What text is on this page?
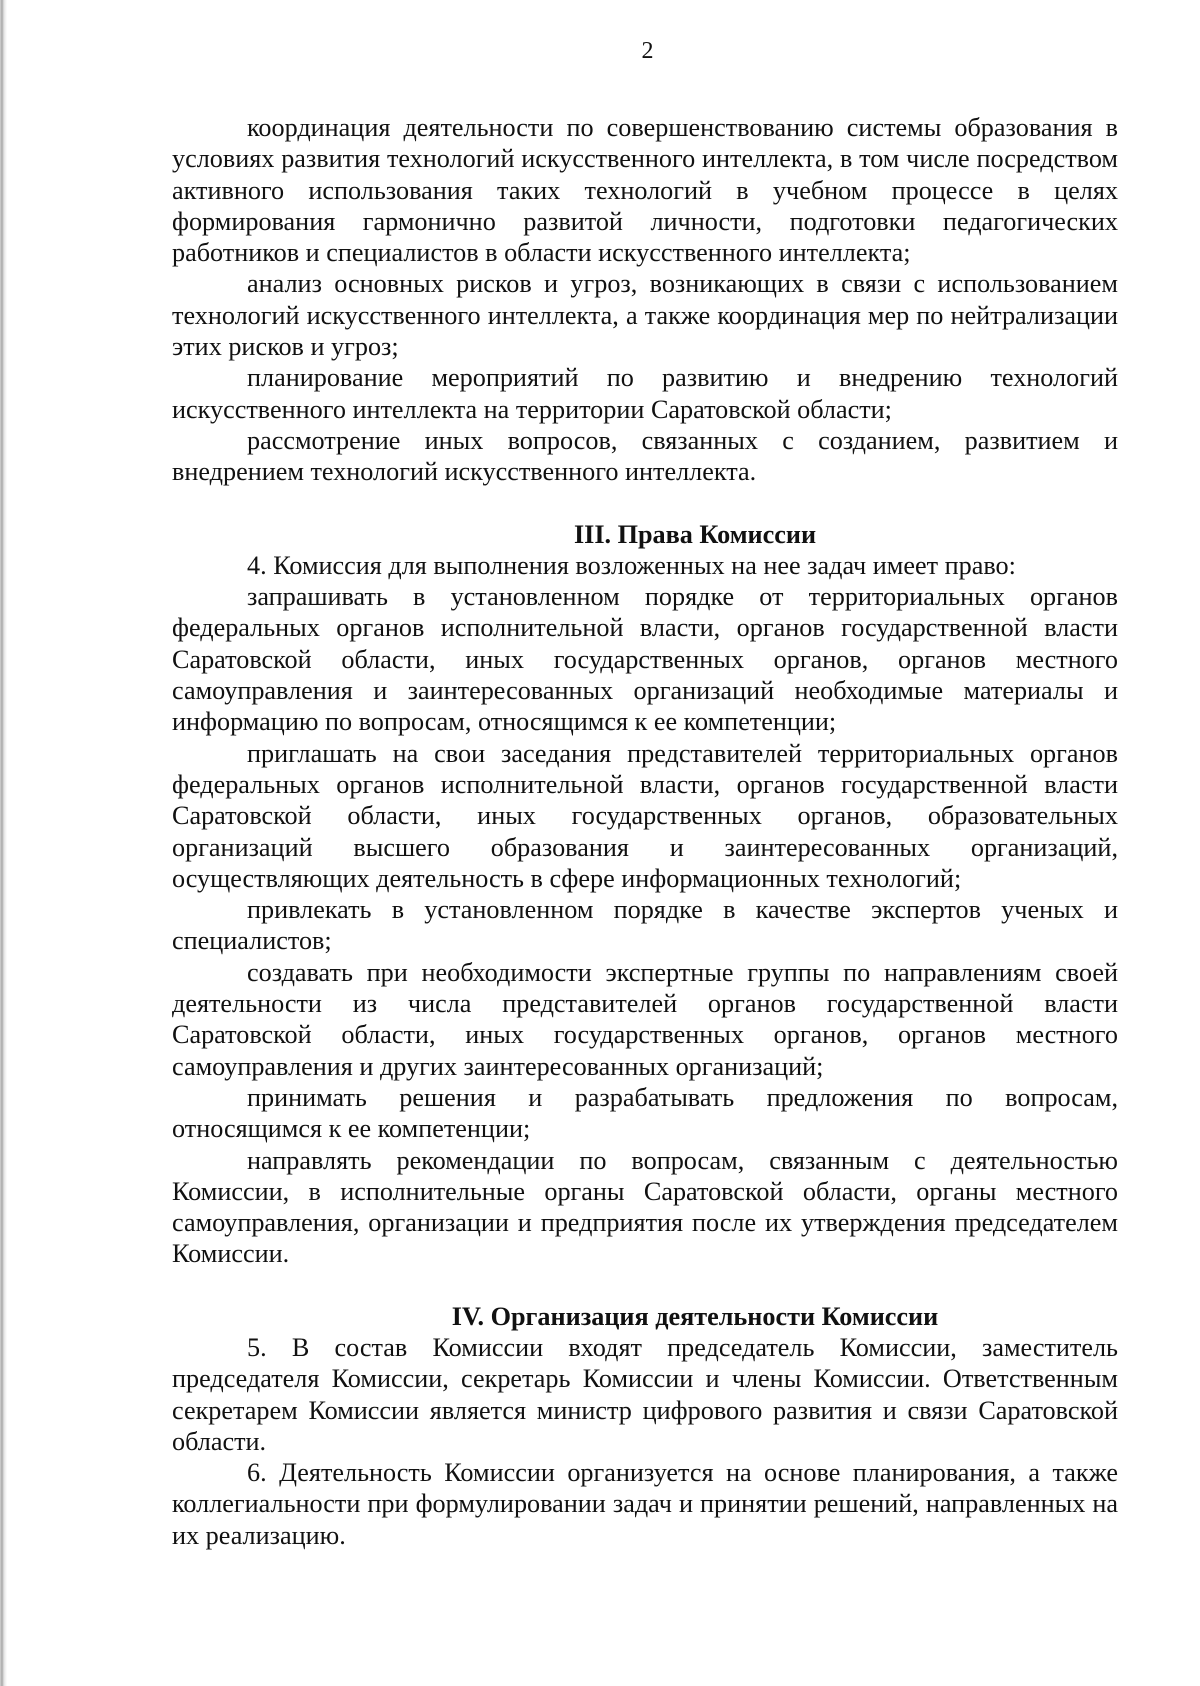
2

координация деятельности по совершенствованию системы образования в условиях развития технологий искусственного интеллекта, в том числе посредством активного использования таких технологий в учебном процессе в целях формирования гармонично развитой личности, подготовки педагогических работников и специалистов в области искусственного интеллекта;

анализ основных рисков и угроз, возникающих в связи с использованием технологий искусственного интеллекта, а также координация мер по нейтрализации этих рисков и угроз;

планирование мероприятий по развитию и внедрению технологий искусственного интеллекта на территории Саратовской области;

рассмотрение иных вопросов, связанных с созданием, развитием и внедрением технологий искусственного интеллекта.

III. Права Комиссии

4. Комиссия для выполнения возложенных на нее задач имеет право:

запрашивать в установленном порядке от территориальных органов федеральных органов исполнительной власти, органов государственной власти Саратовской области, иных государственных органов, органов местного самоуправления и заинтересованных организаций необходимые материалы и информацию по вопросам, относящимся к ее компетенции;

приглашать на свои заседания представителей территориальных органов федеральных органов исполнительной власти, органов государственной власти Саратовской области, иных государственных органов, образовательных организаций высшего образования и заинтересованных организаций, осуществляющих деятельность в сфере информационных технологий;

привлекать в установленном порядке в качестве экспертов ученых и специалистов;

создавать при необходимости экспертные группы по направлениям своей деятельности из числа представителей органов государственной власти Саратовской области, иных государственных органов, органов местного самоуправления и других заинтересованных организаций;

принимать решения и разрабатывать предложения по вопросам, относящимся к ее компетенции;

направлять рекомендации по вопросам, связанным с деятельностью Комиссии, в исполнительные органы Саратовской области, органы местного самоуправления, организации и предприятия после их утверждения председателем Комиссии.

IV. Организация деятельности Комиссии

5. В состав Комиссии входят председатель Комиссии, заместитель председателя Комиссии, секретарь Комиссии и члены Комиссии. Ответственным секретарем Комиссии является министр цифрового развития и связи Саратовской области.

6. Деятельность Комиссии организуется на основе планирования, а также коллегиальности при формулировании задач и принятии решений, направленных на их реализацию.
